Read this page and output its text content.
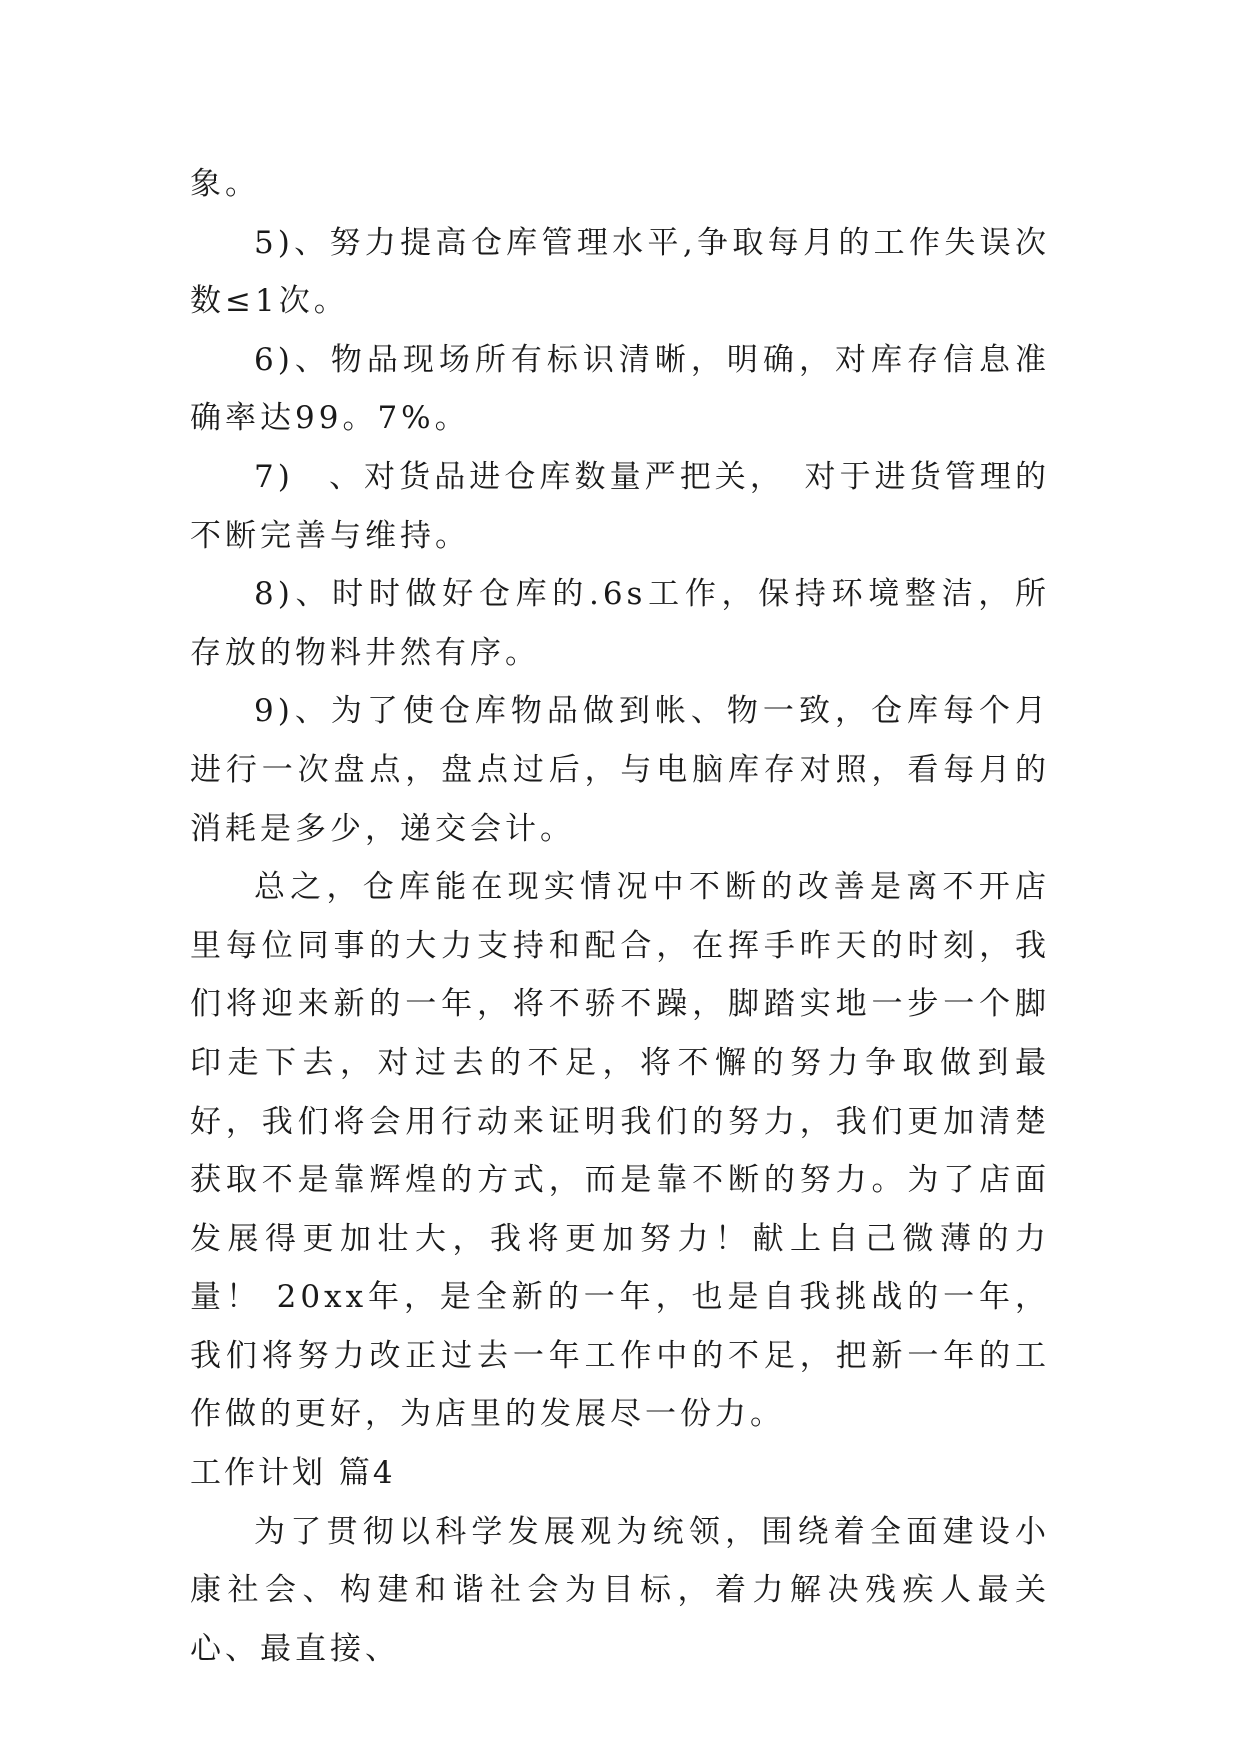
象。

5)、努力提高仓库管理水平,争取每月的工作失误次数≤1次。

6)、物品现场所有标识清晰，明确，对库存信息准确率达99。7%。

7)　、对货品进仓库数量严把关，　对于进货管理的不断完善与维持。

8)、时时做好仓库的.6s工作，保持环境整洁，所存放的物料井然有序。

9)、为了使仓库物品做到帐、物一致，仓库每个月进行一次盘点，盘点过后，与电脑库存对照，看每月的消耗是多少，递交会计。

总之，仓库能在现实情况中不断的改善是离不开店里每位同事的大力支持和配合，在挥手昨天的时刻，我们将迎来新的一年，将不骄不躁，脚踏实地一步一个脚印走下去，对过去的不足，将不懈的努力争取做到最好，我们将会用行动来证明我们的努力，我们更加清楚获取不是靠辉煌的方式，而是靠不断的努力。为了店面发展得更加壮大，我将更加努力！献上自己微薄的力量！ 20xx年，是全新的一年，也是自我挑战的一年，我们将努力改正过去一年工作中的不足，把新一年的工作做的更好，为店里的发展尽一份力。

工作计划 篇4

为了贯彻以科学发展观为统领，围绕着全面建设小康社会、构建和谐社会为目标，着力解决残疾人最关心、最直接、
